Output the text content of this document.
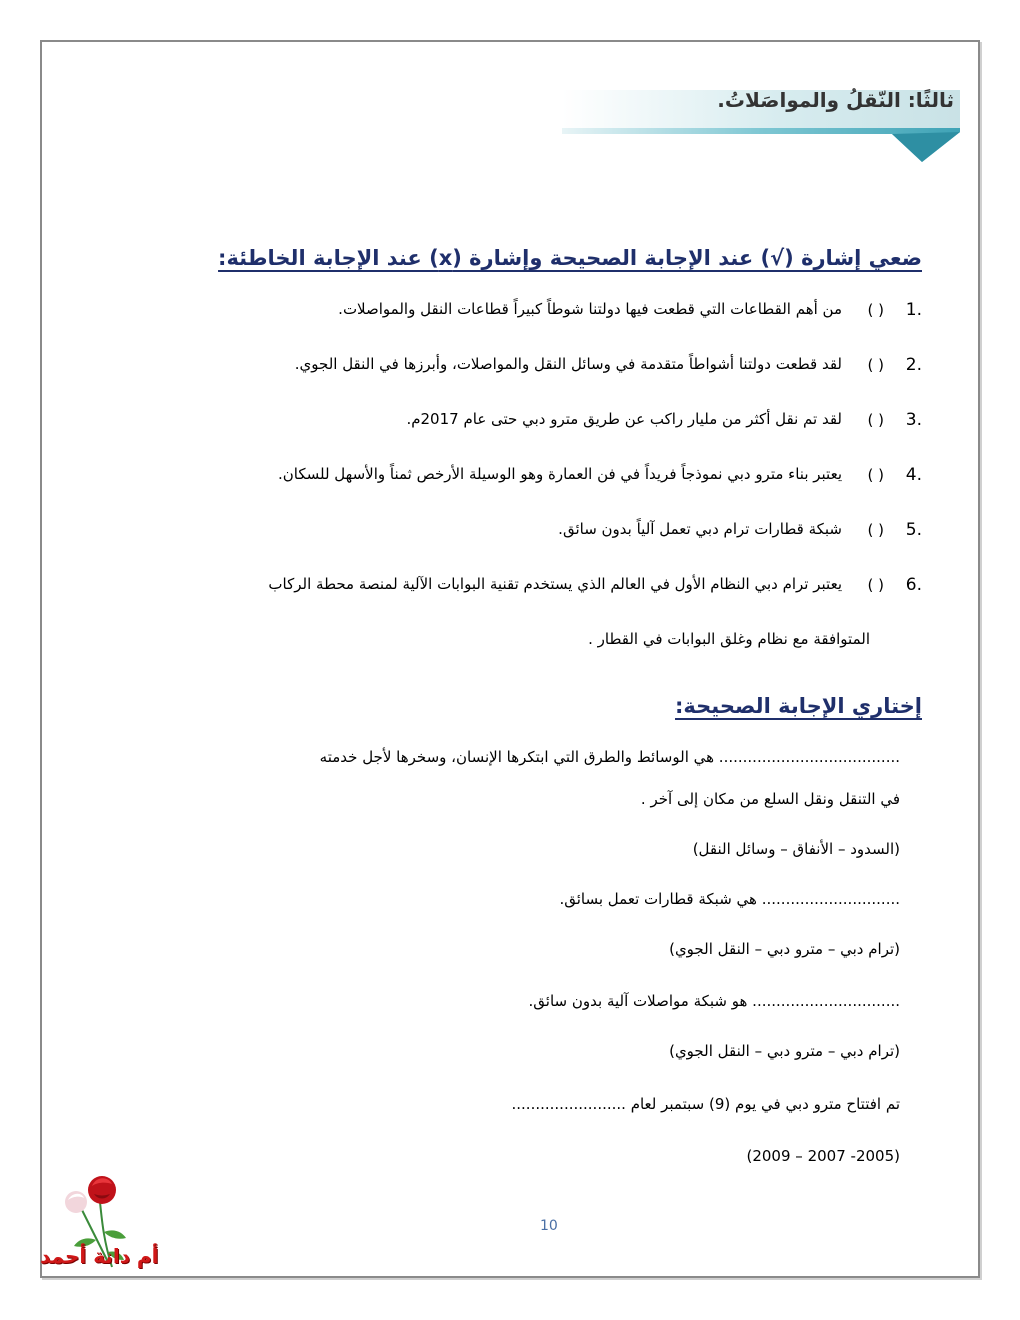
ثالثًا: النّقلُ والمواصَلاتُ.
ضعي إشارة (√) عند الإجابة الصحيحة وإشارة (x) عند الإجابة الخاطئة:
1.
( )
من أهم القطاعات التي قطعت فيها دولتنا شوطاً كبيراً قطاعات النقل والمواصلات.
2.
( )
لقد قطعت دولتنا أشواطاً متقدمة في وسائل النقل والمواصلات، وأبرزها في النقل الجوي.
3.
( )
لقد تم نقل أكثر من مليار راكب عن طريق مترو دبي حتى عام 2017م.
4.
( )
يعتبر بناء مترو دبي نموذجاً فريداً في فن العمارة وهو الوسيلة الأرخص ثمناً والأسهل للسكان.
5.
( )
شبكة قطارات ترام دبي تعمل آلياً بدون سائق.
6.
( )
يعتبر ترام دبي النظام الأول في العالم الذي يستخدم تقنية البوابات الآلية لمنصة محطة الركاب
المتوافقة مع نظام وغلق البوابات في القطار .
إختاري الإجابة الصحيحة:
...................................... هي الوسائط والطرق التي ابتكرها الإنسان، وسخرها لأجل خدمته
في التنقل ونقل السلع من مكان إلى آخر .
(السدود – الأنفاق – وسائل النقل)
............................. هي شبكة قطارات تعمل بسائق.
(ترام دبي – مترو دبي – النقل الجوي)
............................... هو شبكة مواصلات آلية بدون سائق.
(ترام دبي – مترو دبي – النقل الجوي)
تم افتتاح مترو دبي في يوم (9) سبتمبر لعام ........................
(2005- 2007 – 2009)
10
أم دانة أحمد
